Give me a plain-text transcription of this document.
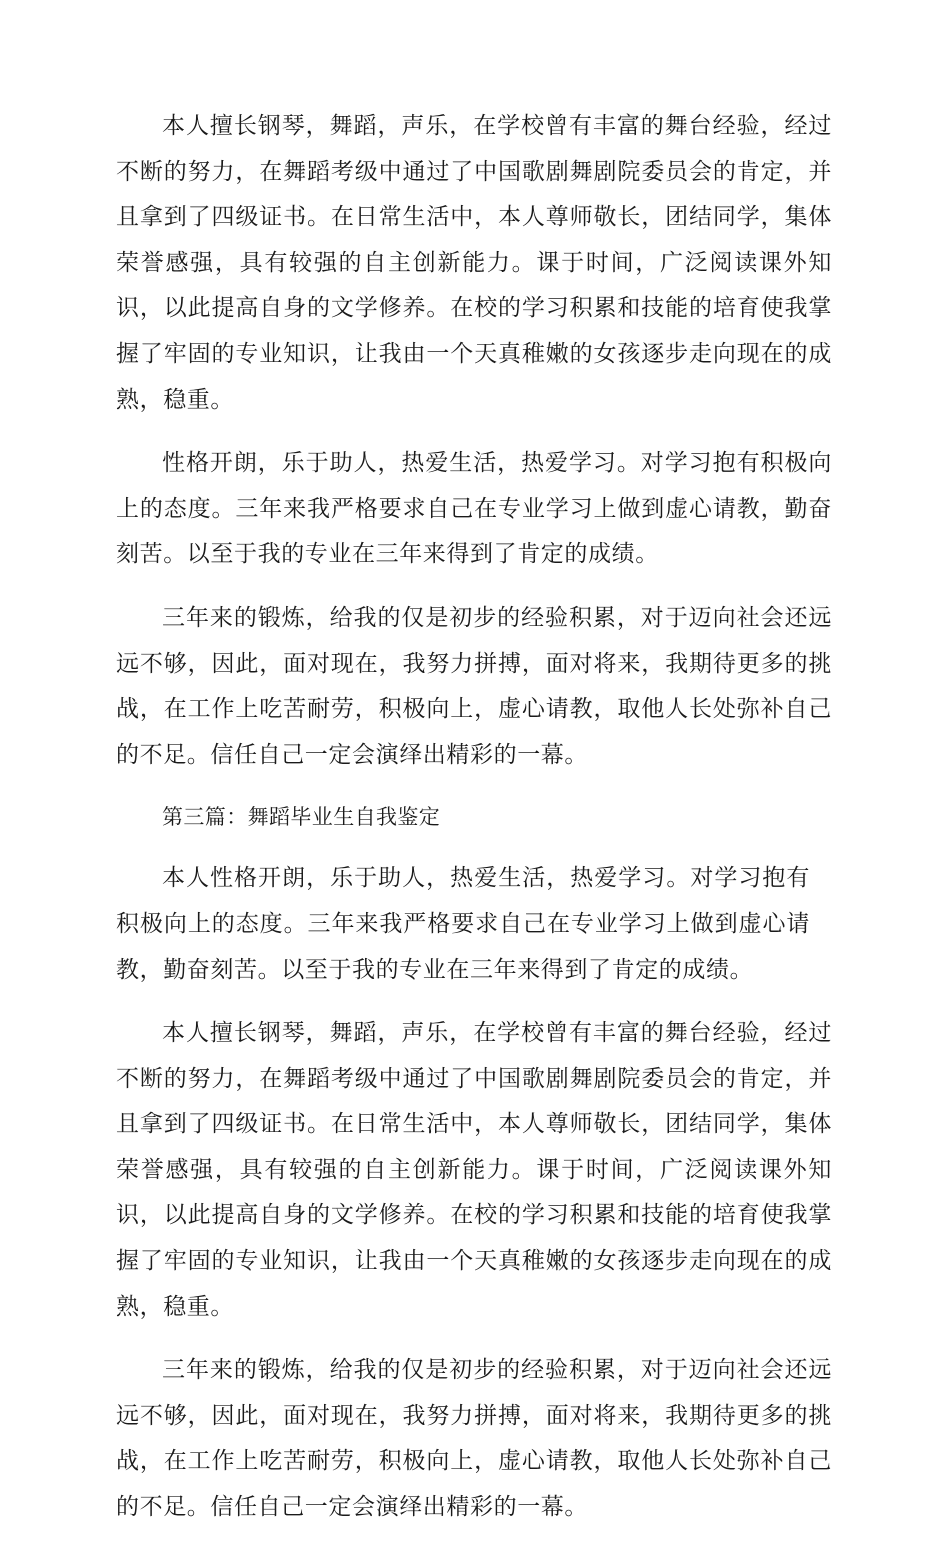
本人擅长钢琴，舞蹈，声乐，在学校曾有丰富的舞台经验，经过不断的努力，在舞蹈考级中通过了中国歌剧舞剧院委员会的肯定，并且拿到了四级证书。在日常生活中，本人尊师敬长，团结同学，集体荣誉感强，具有较强的自主创新能力。课于时间，广泛阅读课外知识，以此提高自身的文学修养。在校的学习积累和技能的培育使我掌握了牢固的专业知识，让我由一个天真稚嫩的女孩逐步走向现在的成熟，稳重。

性格开朗，乐于助人，热爱生活，热爱学习。对学习抱有积极向上的态度。三年来我严格要求自己在专业学习上做到虚心请教，勤奋刻苦。以至于我的专业在三年来得到了肯定的成绩。

三年来的锻炼，给我的仅是初步的经验积累，对于迈向社会还远远不够，因此，面对现在，我努力拼搏，面对将来，我期待更多的挑战，在工作上吃苦耐劳，积极向上，虚心请教，取他人长处弥补自己的不足。信任自己一定会演绎出精彩的一幕。

第三篇：舞蹈毕业生自我鉴定

本人性格开朗，乐于助人，热爱生活，热爱学习。对学习抱有积极向上的态度。三年来我严格要求自己在专业学习上做到虚心请教，勤奋刻苦。以至于我的专业在三年来得到了肯定的成绩。

本人擅长钢琴，舞蹈，声乐，在学校曾有丰富的舞台经验，经过不断的努力，在舞蹈考级中通过了中国歌剧舞剧院委员会的肯定，并且拿到了四级证书。在日常生活中，本人尊师敬长，团结同学，集体荣誉感强，具有较强的自主创新能力。课于时间，广泛阅读课外知识，以此提高自身的文学修养。在校的学习积累和技能的培育使我掌握了牢固的专业知识，让我由一个天真稚嫩的女孩逐步走向现在的成熟，稳重。

三年来的锻炼，给我的仅是初步的经验积累，对于迈向社会还远远不够，因此，面对现在，我努力拼搏，面对将来，我期待更多的挑战，在工作上吃苦耐劳，积极向上，虚心请教，取他人长处弥补自己的不足。信任自己一定会演绎出精彩的一幕。
